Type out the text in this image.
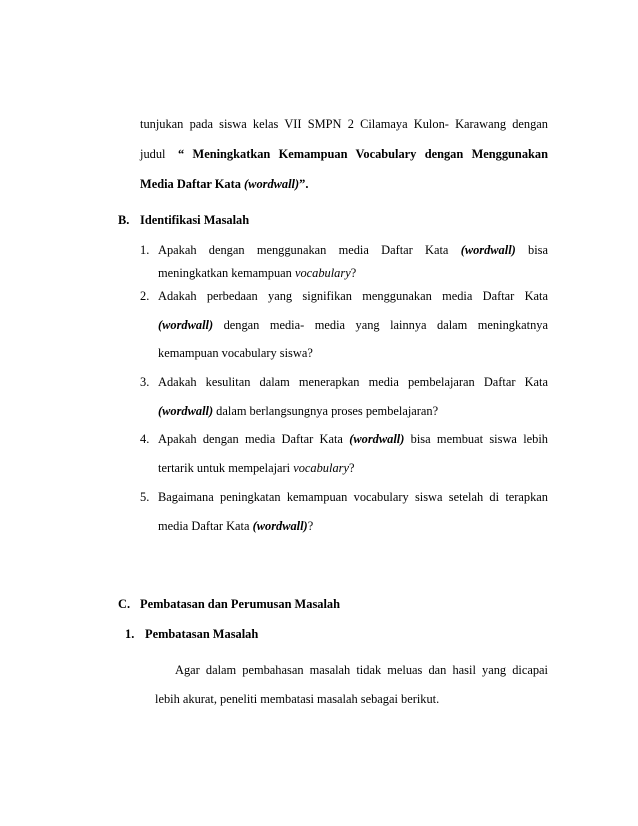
tunjukan pada siswa kelas VII SMPN 2 Cilamaya Kulon- Karawang dengan
judul “ Meningkatkan Kemampuan Vocabulary dengan Menggunakan
Media Daftar Kata (wordwall)”.
B. Identifikasi Masalah
1. Apakah dengan menggunakan media Daftar Kata (wordwall) bisa
meningkatkan kemampuan vocabulary?
2. Adakah perbedaan yang signifikan menggunakan media Daftar Kata
(wordwall) dengan media- media yang lainnya dalam meningkatnya
kemampuan vocabulary siswa?
3. Adakah kesulitan dalam menerapkan media pembelajaran Daftar Kata
(wordwall) dalam berlangsungnya proses pembelajaran?
4. Apakah dengan media Daftar Kata (wordwall) bisa membuat siswa lebih
tertarik untuk mempelajari vocabulary?
5. Bagaimana peningkatan kemampuan vocabulary siswa setelah di terapkan
media Daftar Kata (wordwall)?
C. Pembatasan dan Perumusan Masalah
1. Pembatasan Masalah
Agar dalam pembahasan masalah tidak meluas dan hasil yang dicapai
lebih akurat, peneliti membatasi masalah sebagai berikut.
